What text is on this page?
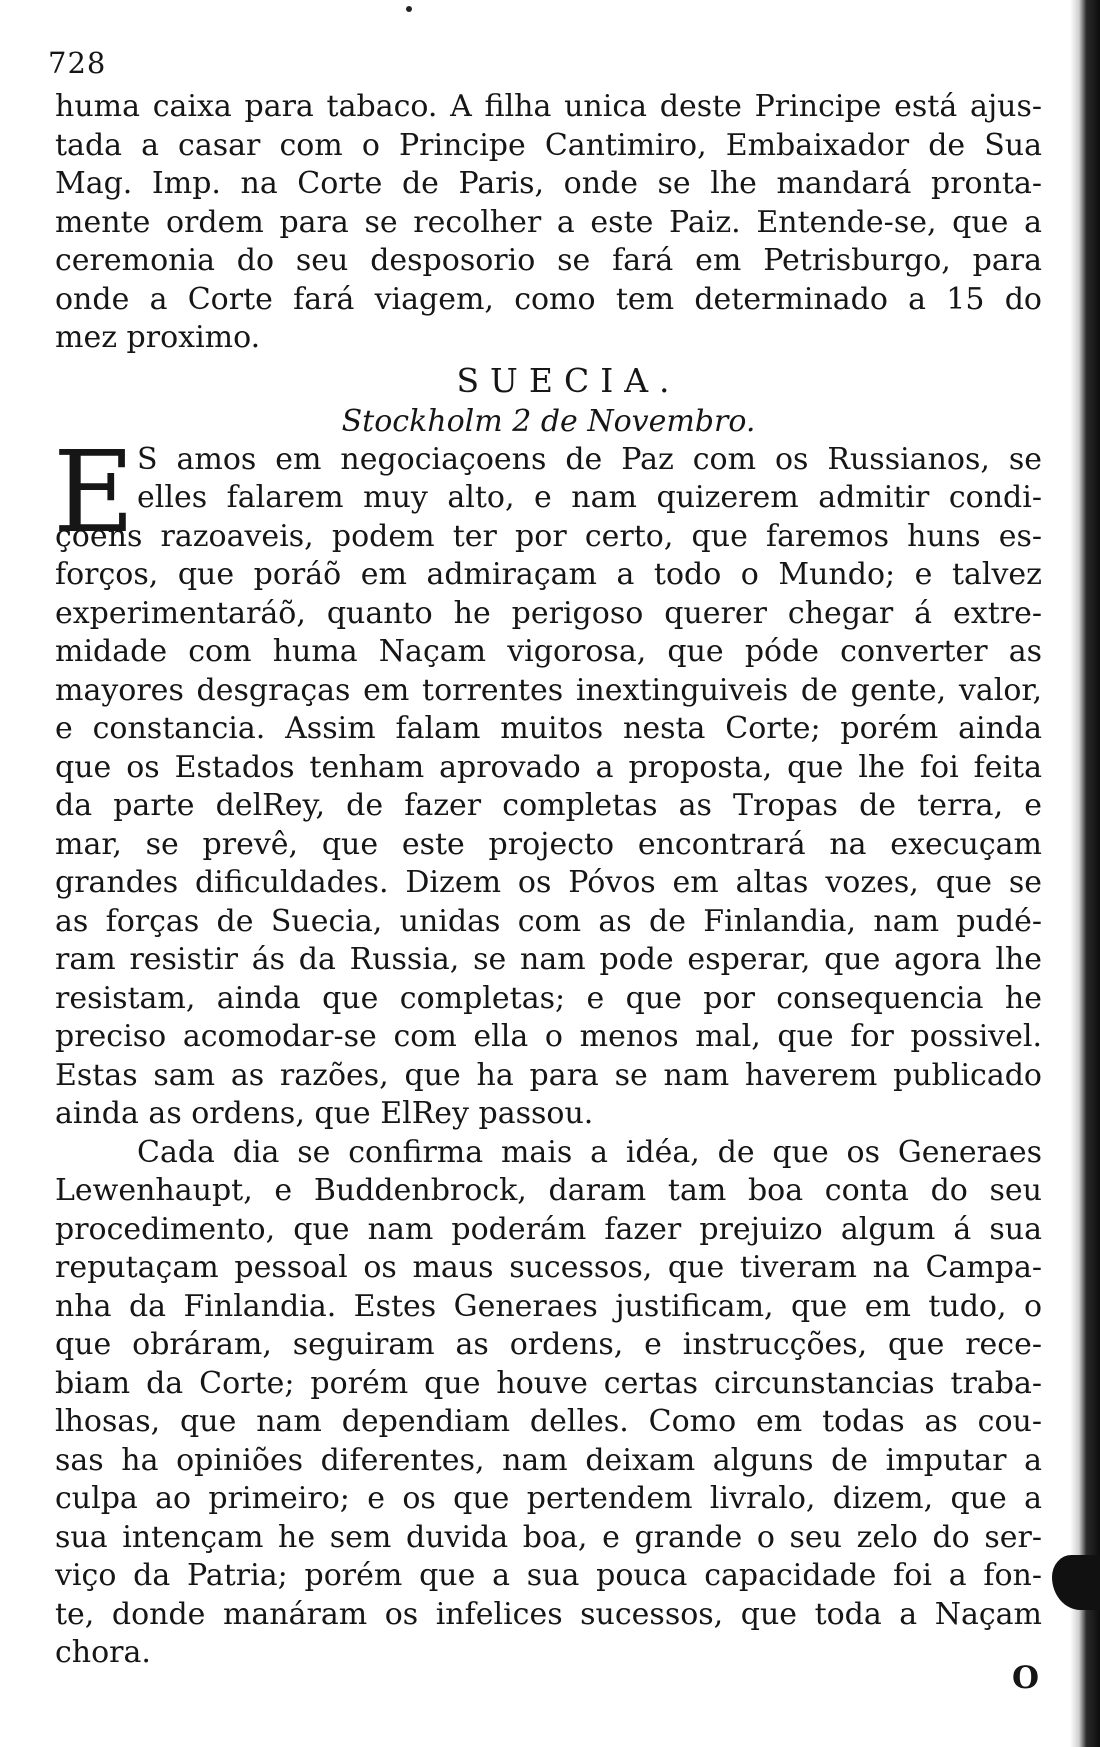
728
huma caixa para tabaco. A filha unica deste Principe está ajus-
tada a casar com o Principe Cantimiro, Embaixador de Sua
Mag. Imp. na Corte de Paris, onde se lhe mandará pronta-
mente ordem para se recolher a este Paiz. Entende-se, que a
ceremonia do seu desposorio se fará em Petrisburgo, para
onde a Corte fará viagem, como tem determinado a 15 do
mez proximo.
SUECIA.
Stockholm 2 de Novembro.
E S amos em negociaçoens de Paz com os Russianos, se
elles falarem muy alto, e nam quizerem admitir condi-
çoens razoaveis, podem ter por certo, que faremos huns es-
forços, que poráõ em admiraçam a todo o Mundo; e talvez
experimentaráõ, quanto he perigoso querer chegar á extre-
midade com huma Naçam vigorosa, que póde converter as
mayores desgraças em torrentes inextinguiveis de gente, valor,
e constancia. Assim falam muitos nesta Corte; porém ainda
que os Estados tenham aprovado a proposta, que lhe foi feita
da parte delRey, de fazer completas as Tropas de terra, e
mar, se prevê, que este projecto encontrará na execuçam
grandes dificuldades. Dizem os Póvos em altas vozes, que se
as forças de Suecia, unidas com as de Finlandia, nam pudé-
ram resistir ás da Russia, se nam pode esperar, que agora lhe
resistam, ainda que completas; e que por consequencia he
preciso acomodar-se com ella o menos mal, que for possivel.
Estas sam as razões, que ha para se nam haverem publicado
ainda as ordens, que ElRey passou.
Cada dia se confirma mais a idéa, de que os Generaes
Lewenhaupt, e Buddenbrock, daram tam boa conta do seu
procedimento, que nam poderám fazer prejuizo algum á sua
reputaçam pessoal os maus sucessos, que tiveram na Campa-
nha da Finlandia. Estes Generaes justificam, que em tudo, o
que obráram, seguiram as ordens, e instrucções, que rece-
biam da Corte; porém que houve certas circunstancias traba-
lhosas, que nam dependiam delles. Como em todas as cou-
sas ha opiniões diferentes, nam deixam alguns de imputar a
culpa ao primeiro; e os que pertendem livralo, dizem, que a
sua intençam he sem duvida boa, e grande o seu zelo do ser-
viço da Patria; porém que a sua pouca capacidade foi a fon-
te, donde manáram os infelices sucessos, que toda a Naçam
chora.
O
